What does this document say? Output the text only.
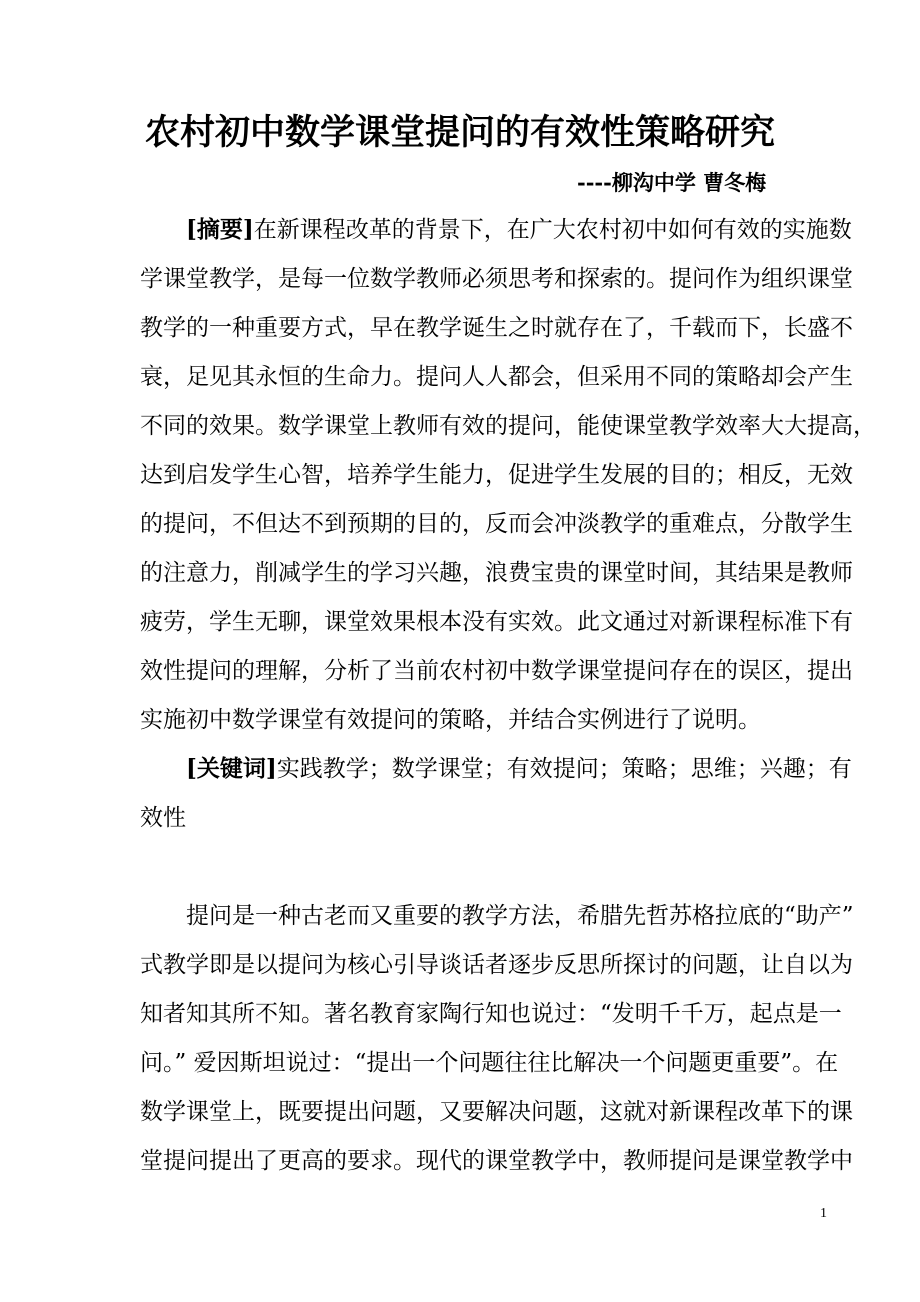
农村初中数学课堂提问的有效性策略研究
----柳沟中学 曹冬梅
[摘要]在新课程改革的背景下，在广大农村初中如何有效的实施数
学课堂教学，是每一位数学教师必须思考和探索的。提问作为组织课堂
教学的一种重要方式，早在教学诞生之时就存在了，千载而下，长盛不
衰，足见其永恒的生命力。提问人人都会，但采用不同的策略却会产生
不同的效果。数学课堂上教师有效的提问，能使课堂教学效率大大提高，
达到启发学生心智，培养学生能力，促进学生发展的目的；相反，无效
的提问，不但达不到预期的目的，反而会冲淡教学的重难点，分散学生
的注意力，削减学生的学习兴趣，浪费宝贵的课堂时间，其结果是教师
疲劳，学生无聊，课堂效果根本没有实效。此文通过对新课程标准下有
效性提问的理解，分析了当前农村初中数学课堂提问存在的误区，提出
实施初中数学课堂有效提问的策略，并结合实例进行了说明。
[关键词]实践教学；数学课堂；有效提问；策略；思维；兴趣；有
效性
提问是一种古老而又重要的教学方法，希腊先哲苏格拉底的“助产”
式教学即是以提问为核心引导谈话者逐步反思所探讨的问题，让自以为
知者知其所不知。著名教育家陶行知也说过：“发明千千万，起点是一
问。” 爱因斯坦说过：“提出一个问题往往比解决一个问题更重要”。在
数学课堂上，既要提出问题，又要解决问题，这就对新课程改革下的课
堂提问提出了更高的要求。现代的课堂教学中，教师提问是课堂教学中
1
